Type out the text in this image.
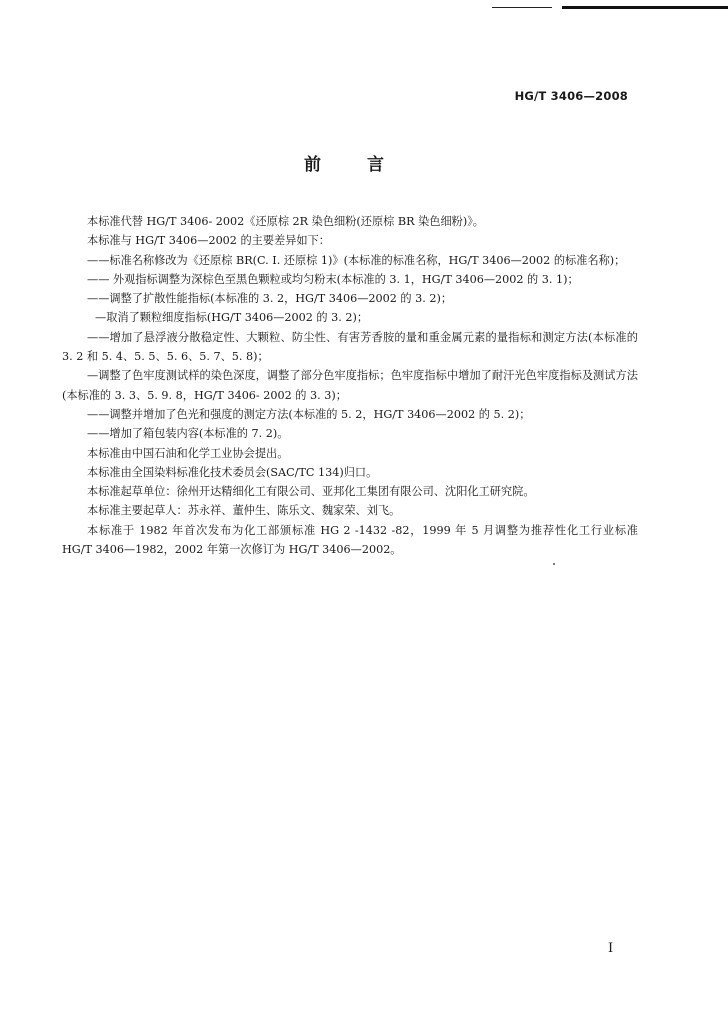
HG/T 3406—2008
前	言

本标准代替 HG/T 3406- 2002《还原棕 2R 染色细粉(还原棕 BR 染色细粉)》。

本标准与 HG/T 3406—2002 的主要差异如下：

——标准名称修改为《还原棕 BR(C. I. 还原棕 1)》(本标准的标准名称，HG/T 3406—2002 的标准名称)；

—— 外观指标调整为深棕色至黑色颗粒或均匀粉末(本标准的 3. 1，HG/T 3406—2002 的 3. 1)；

——调整了扩散性能指标(本标准的 3. 2，HG/T 3406—2002 的 3. 2)；

—取消了颗粒细度指标(HG/T 3406—2002 的 3. 2)；

——增加了悬浮液分散稳定性、大颗粒、防尘性、有害芳香胺的量和重金属元素的量指标和测定方法(本标准的 3. 2 和 5. 4、5. 5、5. 6、5. 7、5. 8)；

—调整了色牢度测试样的染色深度，调整了部分色牢度指标；色牢度指标中增加了耐汗光色牢度指标及测试方法(本标准的 3. 3、5. 9. 8，HG/T 3406- 2002 的 3. 3)；

——调整并增加了色光和强度的测定方法(本标准的 5. 2，HG/T 3406—2002 的 5. 2)；

——增加了箱包装内容(本标准的 7. 2)。

本标准由中国石油和化学工业协会提出。

本标准由全国染料标准化技术委员会(SAC/TC 134)归口。

本标准起草单位：徐州开达精细化工有限公司、亚邦化工集团有限公司、沈阳化工研究院。

本标准主要起草人：苏永祥、董仲生、陈乐文、魏家荣、刘飞。

本标准于 1982 年首次发布为化工部颁标准 HG 2 -1432 -82，1999 年 5 月调整为推荐性化工行业标准 HG/T 3406—1982，2002 年第一次修订为 HG/T 3406—2002。

I
